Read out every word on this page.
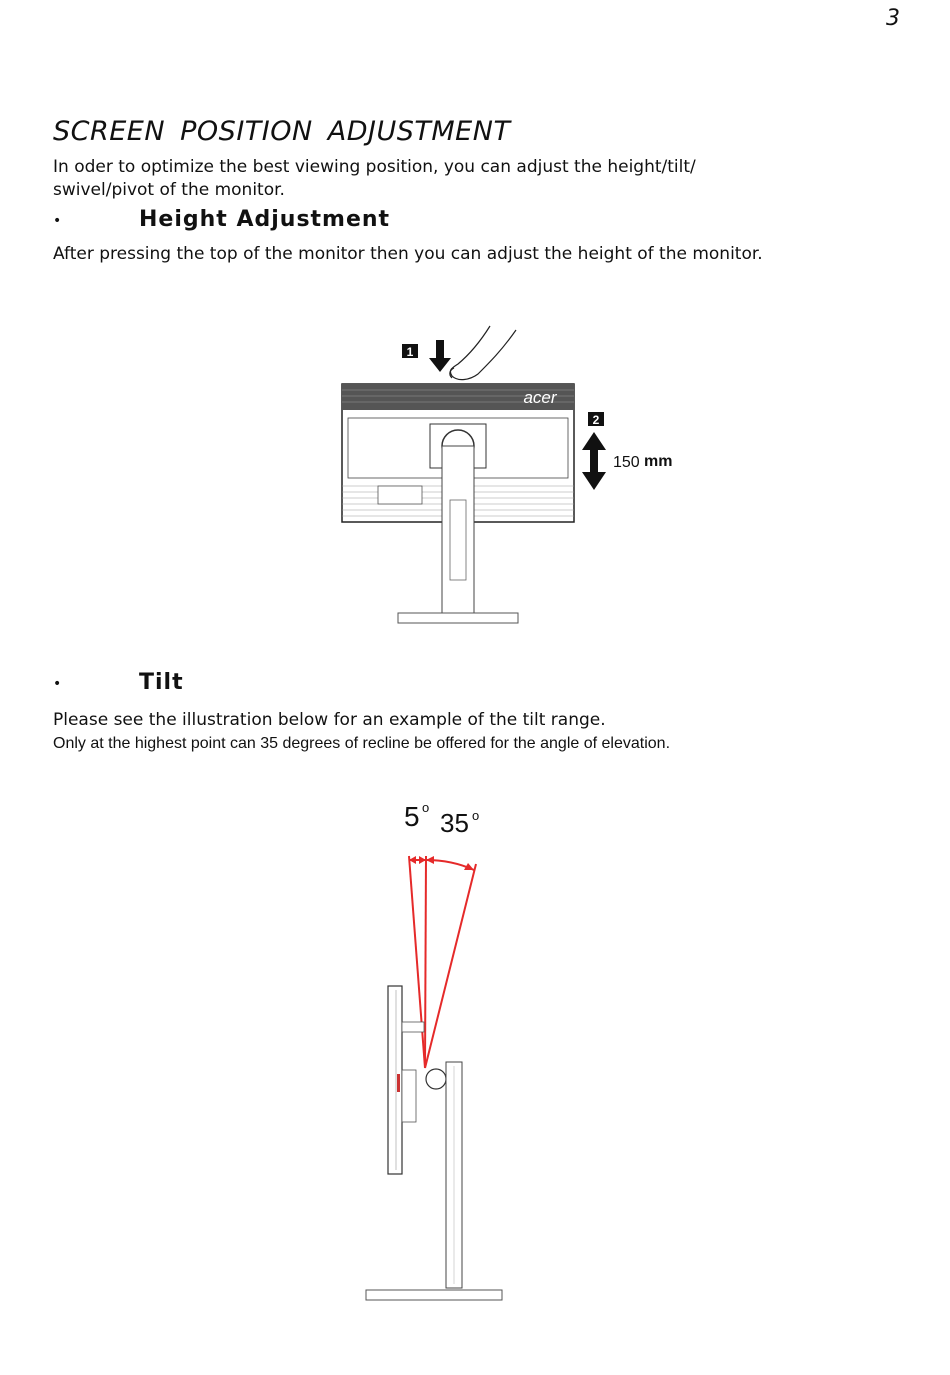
3
SCREEN POSITION ADJUSTMENT

In oder to optimize the best viewing position, you can adjust the height/tilt/ swivel/pivot of the monitor.

•	Height Adjustment

After pressing the top of the monitor then you can adjust the height of the monitor.

1
acer
2
150 mm
•	Tilt

Please see the illustration below for an example of the tilt range.

Only at the highest point can 35 degrees of recline be offered for the angle of elevation.

5 o
35 o
